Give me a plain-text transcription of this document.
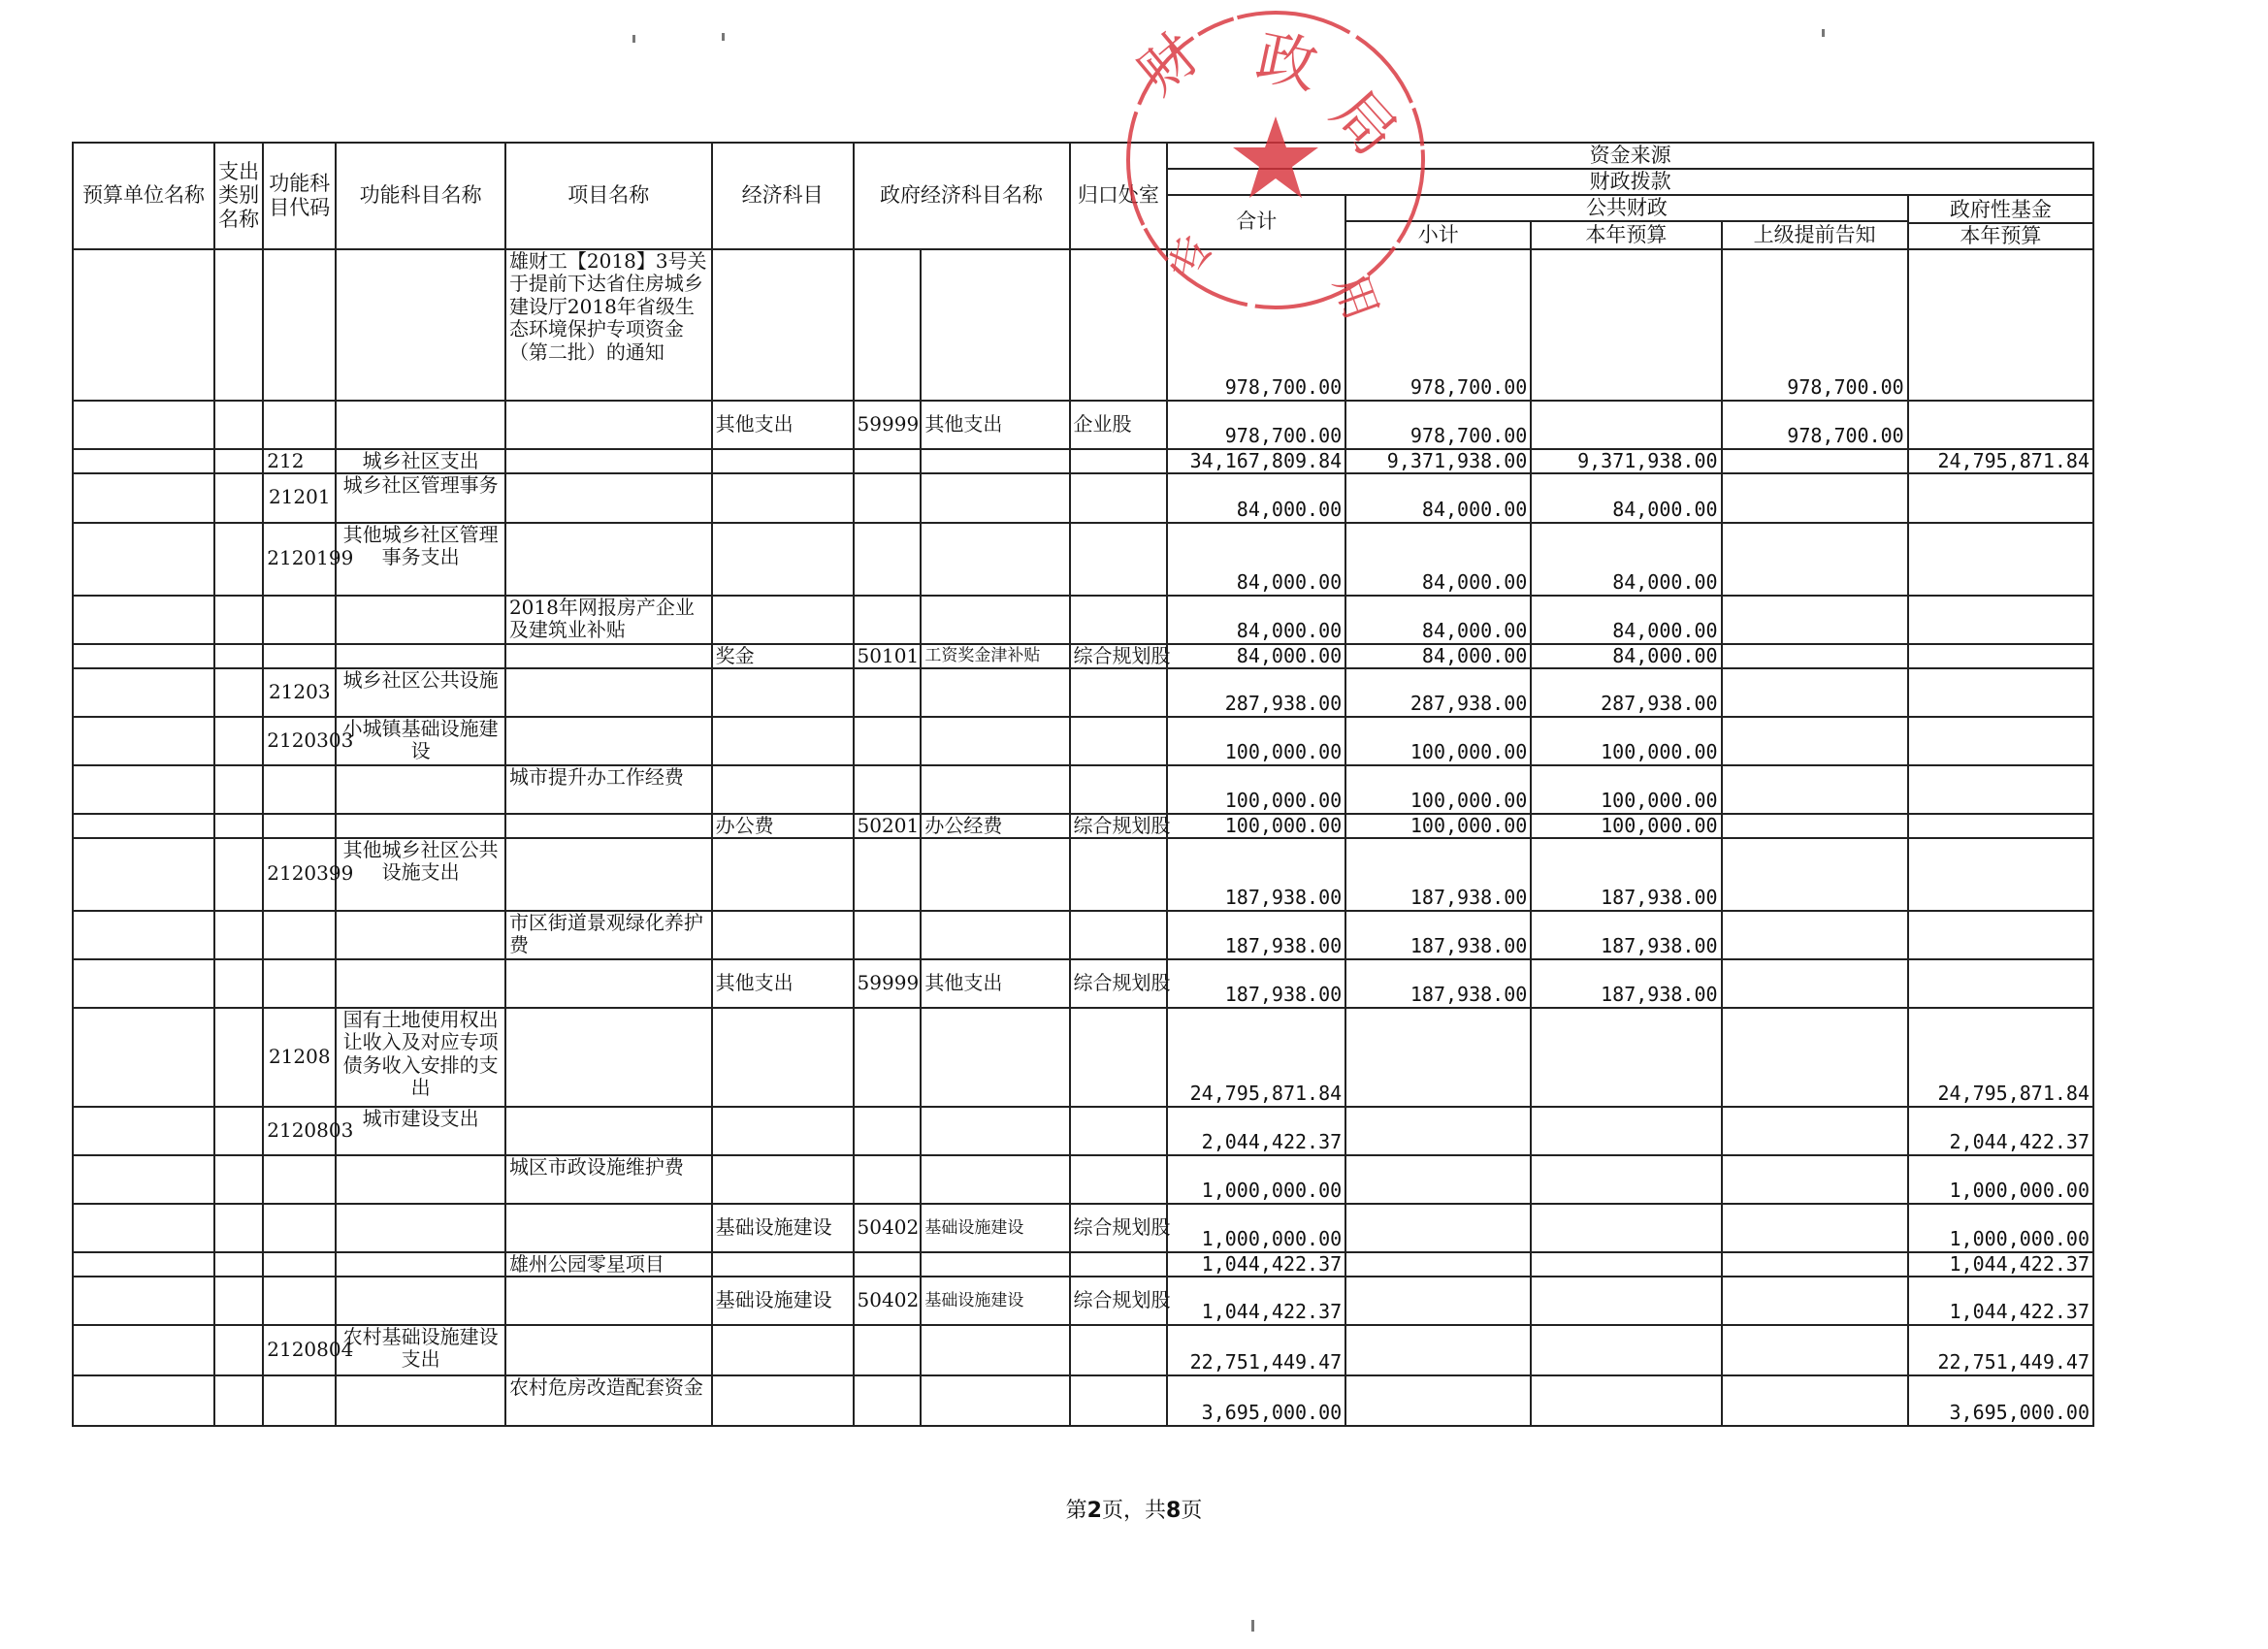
预算单位名称	支出类别名称	功能科目代码	功能科目名称	项目名称	经济科目	政府经济科目名称		归口处室	资金来源				
									财政拨款				
									合计	公共财政			政府性基金
										小计	本年预算	上级提前告知	
													本年预算

				雄财工【2018】3号关于提前下达省住房城乡建设厅2018年省级生态环境保护专项资金（第二批）的通知					978,700.00	978,700.00		978,700.00	

					其他支出	59999	其他支出	企业股	978,700.00	978,700.00		978,700.00	

		212	城乡社区支出						34,167,809.84	9,371,938.00	9,371,938.00		24,795,871.84

		21201	城乡社区管理事务						84,000.00	84,000.00	84,000.00		

		2120199	其他城乡社区管理事务支出						84,000.00	84,000.00	84,000.00		

				2018年网报房产企业及建筑业补贴					84,000.00	84,000.00	84,000.00		

					奖金	50101	工资奖金津补贴	综合规划股	84,000.00	84,000.00	84,000.00		

		21203	城乡社区公共设施						287,938.00	287,938.00	287,938.00		

		2120303	小城镇基础设施建设						100,000.00	100,000.00	100,000.00		

				城市提升办工作经费					100,000.00	100,000.00	100,000.00		

					办公费	50201	办公经费	综合规划股	100,000.00	100,000.00	100,000.00		

		2120399	其他城乡社区公共设施支出						187,938.00	187,938.00	187,938.00		

				市区街道景观绿化养护费					187,938.00	187,938.00	187,938.00		

					其他支出	59999	其他支出	综合规划股	187,938.00	187,938.00	187,938.00		

		21208	国有土地使用权出让收入及对应专项债务收入安排的支出						24,795,871.84				24,795,871.84

		2120803	城市建设支出						2,044,422.37				2,044,422.37

				城区市政设施维护费					1,000,000.00				1,000,000.00

					基础设施建设	50402	基础设施建设	综合规划股	1,000,000.00				1,000,000.00

				雄州公园零星项目					1,044,422.37				1,044,422.37

					基础设施建设	50402	基础设施建设	综合规划股	1,044,422.37				1,044,422.37

		2120804	农村基础设施建设支出						22,751,449.47				22,751,449.47

				农村危房改造配套资金					3,695,000.00				3,695,000.00
政
局
财
专
用
第2页，共8页
